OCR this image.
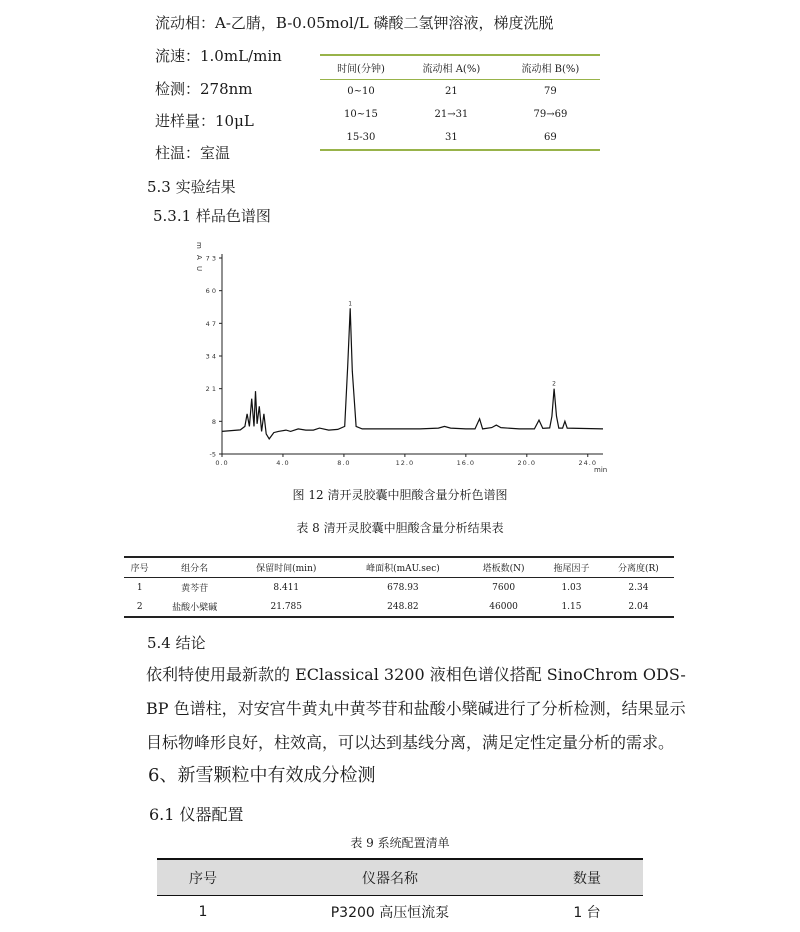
流动相：A-乙腈，B-0.05mol/L 磷酸二氢钾溶液，梯度洗脱
流速：1.0mL/min
检测：278nm
进样量：10μL
柱温：室温
时间(分钟)	流动相 A(%)	流动相 B(%)
0~10	21	79
10~15	21→31	79→69
15-30	31	69
5.3 实验结果
5.3.1 样品色谱图
m A U 7 3
6 0
4 7
3 4
2 1
8
-5
0.0	4.0	8.0	12.0	16.0	20.0	24.0
1
2
min
图 12 清开灵胶囊中胆酸含量分析色谱图
表 8 清开灵胶囊中胆酸含量分析结果表
序号	组分名	保留时间(min)	峰面积(mAU.sec)	塔板数(N)	拖尾因子	分离度(R)
1	黄芩苷	8.411	678.93	7600	1.03	2.34
2	盐酸小檗碱	21.785	248.82	46000	1.15	2.04
5.4 结论
依利特使用最新款的 EClassical 3200 液相色谱仪搭配 SinoChrom ODS-BP 色谱柱，对安宫牛黄丸中黄芩苷和盐酸小檗碱进行了分析检测，结果显示目标物峰形良好，柱效高，可以达到基线分离，满足定性定量分析的需求。
6、新雪颗粒中有效成分检测
6.1 仪器配置
表 9 系统配置清单
序号	仪器名称	数量
1	P3200 高压恒流泵	1 台
